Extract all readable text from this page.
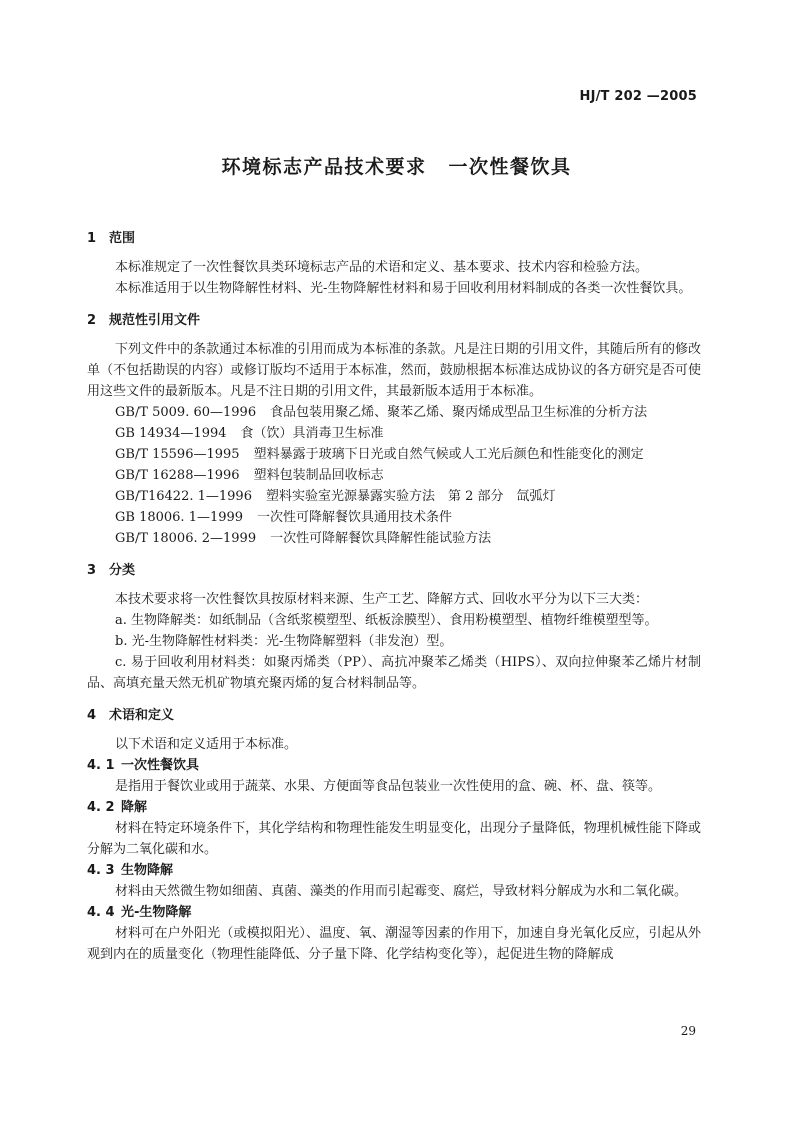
HJ/T 202 —2005
环境标志产品技术要求 一次性餐饮具
1 范围

本标准规定了一次性餐饮具类环境标志产品的术语和定义、基本要求、技术内容和检验方法。

本标准适用于以生物降解性材料、光-生物降解性材料和易于回收利用材料制成的各类一次性餐饮具。

2 规范性引用文件

下列文件中的条款通过本标准的引用而成为本标准的条款。凡是注日期的引用文件，其随后所有的修改单（不包括勘误的内容）或修订版均不适用于本标准，然而，鼓励根据本标准达成协议的各方研究是否可使用这些文件的最新版本。凡是不注日期的引用文件，其最新版本适用于本标准。

GB/T 5009. 60—1996 食品包装用聚乙烯、聚苯乙烯、聚丙烯成型品卫生标准的分析方法
GB 14934—1994 食（饮）具消毒卫生标准
GB/T 15596—1995 塑料暴露于玻璃下日光或自然气候或人工光后颜色和性能变化的测定
GB/T 16288—1996 塑料包装制品回收标志
GB/T16422. 1—1996 塑料实验室光源暴露实验方法　第 2 部分　氙弧灯
GB 18006. 1—1999 一次性可降解餐饮具通用技术条件
GB/T 18006. 2—1999 一次性可降解餐饮具降解性能试验方法
3 分类

本技术要求将一次性餐饮具按原材料来源、生产工艺、降解方式、回收水平分为以下三大类：

a. 生物降解类：如纸制品（含纸浆模塑型、纸板涂膜型）、食用粉模塑型、植物纤维模塑型等。

b. 光-生物降解性材料类：光-生物降解塑料（非发泡）型。

c. 易于回收利用材料类：如聚丙烯类（PP）、高抗冲聚苯乙烯类（HIPS）、双向拉伸聚苯乙烯片材制品、高填充量天然无机矿物填充聚丙烯的复合材料制品等。

4 术语和定义

以下术语和定义适用于本标准。

4. 1 一次性餐饮具

是指用于餐饮业或用于蔬菜、水果、方便面等食品包装业一次性使用的盒、碗、杯、盘、筷等。

4. 2 降解

材料在特定环境条件下，其化学结构和物理性能发生明显变化，出现分子量降低，物理机械性能下降或分解为二氧化碳和水。

4. 3 生物降解

材料由天然微生物如细菌、真菌、藻类的作用而引起霉变、腐烂，导致材料分解成为水和二氧化碳。

4. 4 光-生物降解

材料可在户外阳光（或模拟阳光）、温度、氧、潮湿等因素的作用下，加速自身光氧化反应，引起从外观到内在的质量变化（物理性能降低、分子量下降、化学结构变化等），起促进生物的降解成

29
